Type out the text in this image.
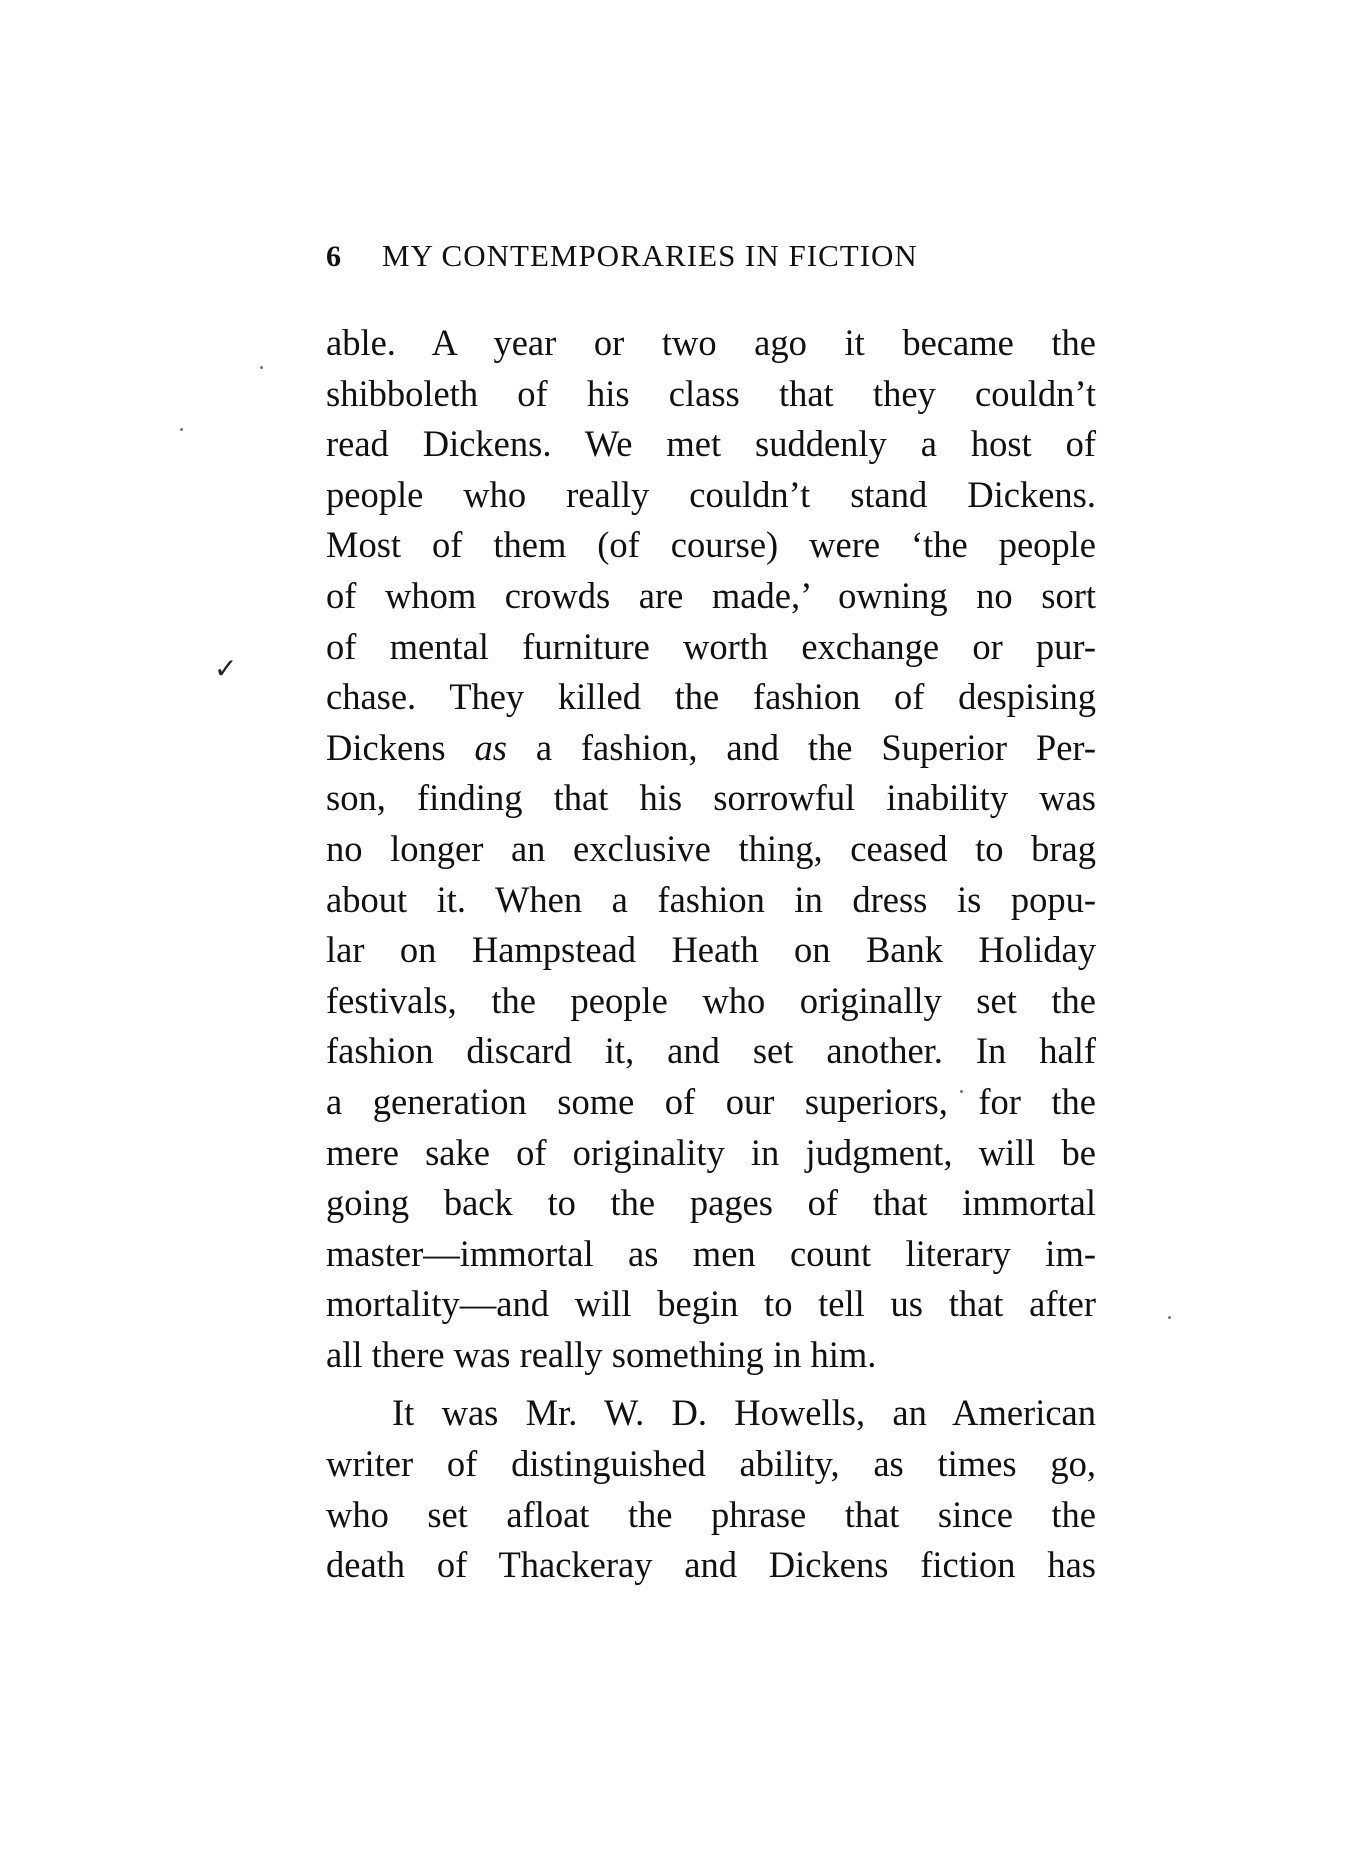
6	MY CONTEMPORARIES IN FICTION
✓
able. A year or two ago it became the
shibboleth of his class that they couldn’t
read Dickens. We met suddenly a host of
people who really couldn’t stand Dickens.
Most of them (of course) were ‘the people
of whom crowds are made,’ owning no sort
of mental furniture worth exchange or pur-
chase. They killed the fashion of despising
Dickens as a fashion, and the Superior Per-
son, finding that his sorrowful inability was
no longer an exclusive thing, ceased to brag
about it. When a fashion in dress is popu-
lar on Hampstead Heath on Bank Holiday
festivals, the people who originally set the
fashion discard it, and set another. In half
a generation some of our superiors, for the
mere sake of originality in judgment, will be
going back to the pages of that immortal
master—immortal as men count literary im-
mortality—and will begin to tell us that after
all there was really something in him.
It was Mr. W. D. Howells, an American
writer of distinguished ability, as times go,
who set afloat the phrase that since the
death of Thackeray and Dickens fiction has
